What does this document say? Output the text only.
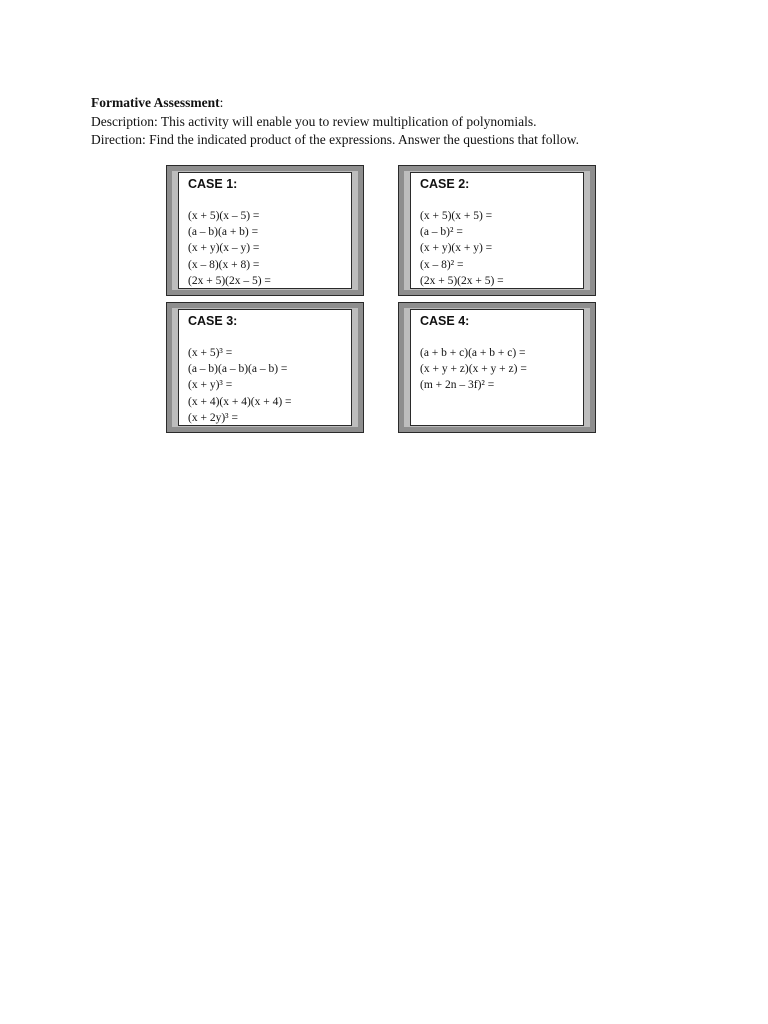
Formative Assessment:
Description: This activity will enable you to review multiplication of polynomials.
Direction: Find the indicated product of the expressions. Answer the questions that follow.
CASE 1:
(x + 5)(x – 5) =
(a – b)(a + b) =
(x + y)(x – y) =
(x – 8)(x + 8) =
(2x + 5)(2x – 5) =
CASE 2:
(x + 5)(x + 5) =
(a – b)² =
(x + y)(x + y) =
(x – 8)² =
(2x + 5)(2x + 5) =
CASE 3:
(x + 5)³ =
(a – b)(a – b)(a – b) =
(x + y)³ =
(x + 4)(x + 4)(x + 4) =
(x + 2y)³ =
CASE 4:
(a + b + c)(a + b + c) =
(x + y + z)(x + y + z) =
(m + 2n – 3f)² =
